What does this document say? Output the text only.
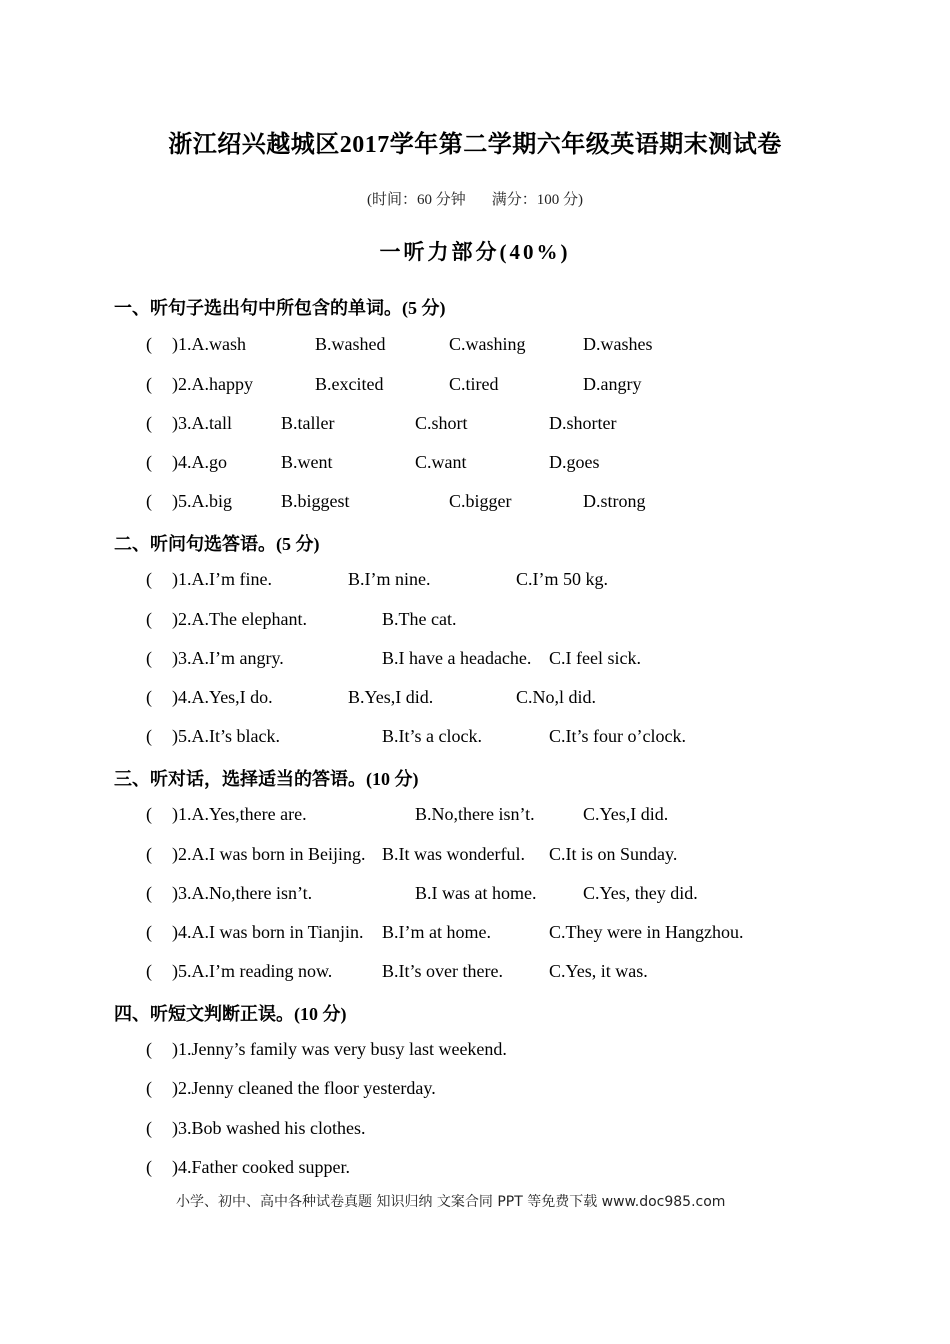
浙江绍兴越城区2017学年第二学期六年级英语期末测试卷
(时间：60 分钟 满分：100 分)
一听力部分(40%)
一、听句子选出句中所包含的单词。(5 分)
( )1.A.wash	B.washed	C.washing	D.washes
( )2.A.happy	B.excited	C.tired	D.angry
( )3.A.tall	B.taller	C.short	D.shorter
( )4.A.go	B.went	C.want	D.goes
( )5.A.big	B.biggest	C.bigger	D.strong
二、听问句选答语。(5 分)
( )1.A.I’m fine.	B.I’m nine.	C.I’m 50 kg.
( )2.A.The elephant.	B.The cat.
( )3.A.I’m angry.	B.I have a headache. C.I feel sick.
( )4.A.Yes,I do.	B.Yes,I did.	C.No,l did.
( )5.A.It’s black.	B.It’s a clock.	C.It’s four o’clock.
三、听对话，选择适当的答语。(10 分)
( )1.A.Yes,there are.	B.No,there isn’t.	C.Yes,I did.
( )2.A.I was born in Beijing. B.It was wonderful. C.It is on Sunday.
( )3.A.No,there isn’t.	B.I was at home.	C.Yes, they did.
( )4.A.I was born in Tianjin. B.I’m at home.	C.They were in Hangzhou.
( )5.A.I’m reading now.	B.It’s over there.	C.Yes, it was.
四、听短文判断正误。(10 分)
( )1.Jenny’s family was very busy last weekend.
( )2.Jenny cleaned the floor yesterday.
( )3.Bob washed his clothes.
( )4.Father cooked supper.
小学、初中、高中各种试卷真题 知识归纳 文案合同 PPT 等免费下载 www.doc985.com
